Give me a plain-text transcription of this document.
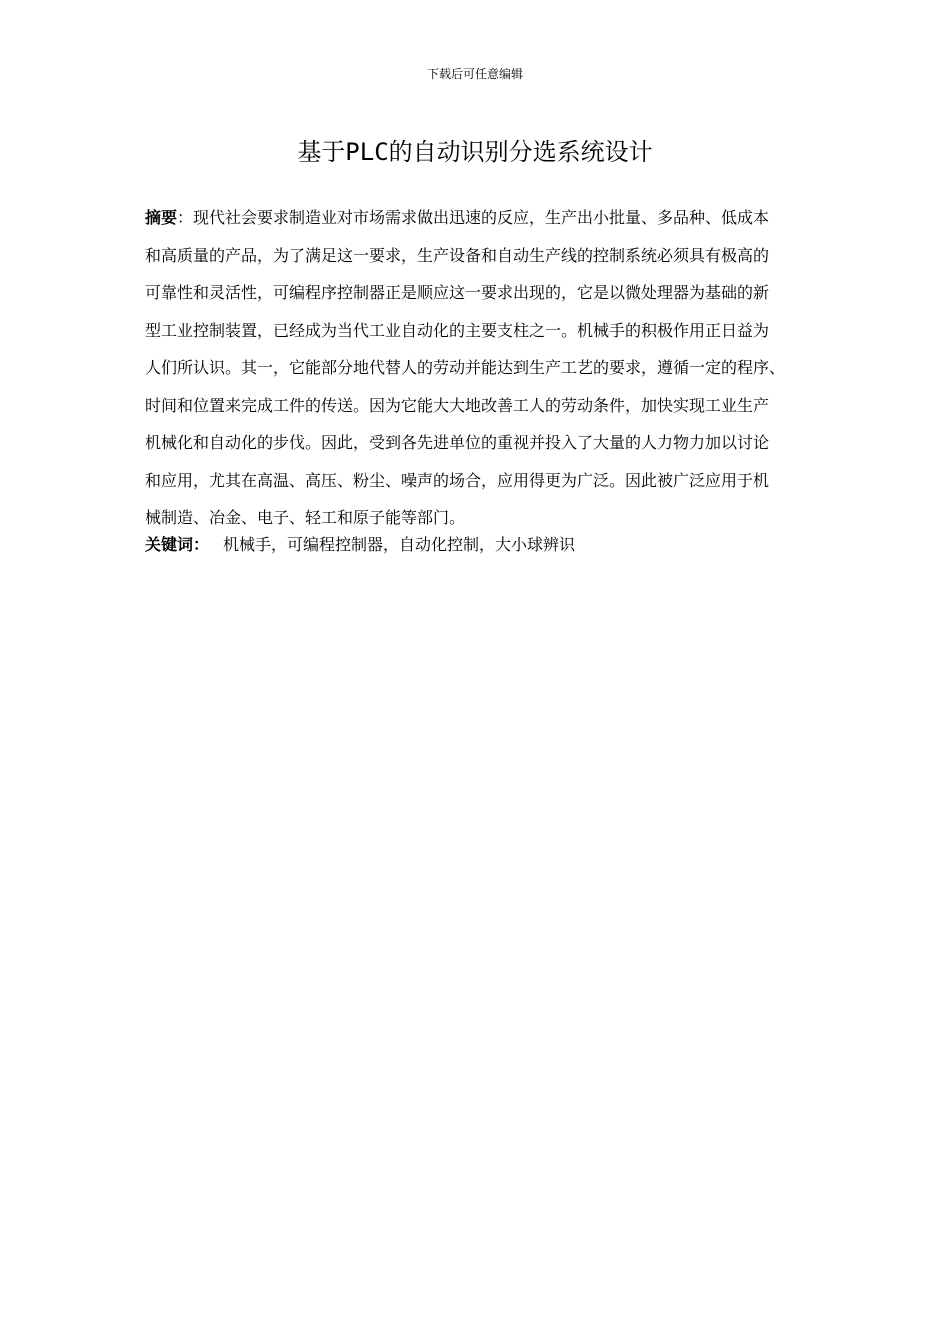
下载后可任意编辑
基于PLC的自动识别分选系统设计
摘要：现代社会要求制造业对市场需求做出迅速的反应，生产出小批量、多品种、低成本
和高质量的产品，为了满足这一要求，生产设备和自动生产线的控制系统必须具有极高的
可靠性和灵活性，可编程序控制器正是顺应这一要求出现的，它是以微处理器为基础的新
型工业控制装置，已经成为当代工业自动化的主要支柱之一。机械手的积极作用正日益为
人们所认识。其一，它能部分地代替人的劳动并能达到生产工艺的要求，遵循一定的程序、
时间和位置来完成工件的传送。因为它能大大地改善工人的劳动条件，加快实现工业生产
机械化和自动化的步伐。因此，受到各先进单位的重视并投入了大量的人力物力加以讨论
和应用，尤其在高温、高压、粉尘、噪声的场合，应用得更为广泛。因此被广泛应用于机
械制造、冶金、电子、轻工和原子能等部门。
关键词： 机械手，可编程控制器，自动化控制，大小球辨识
